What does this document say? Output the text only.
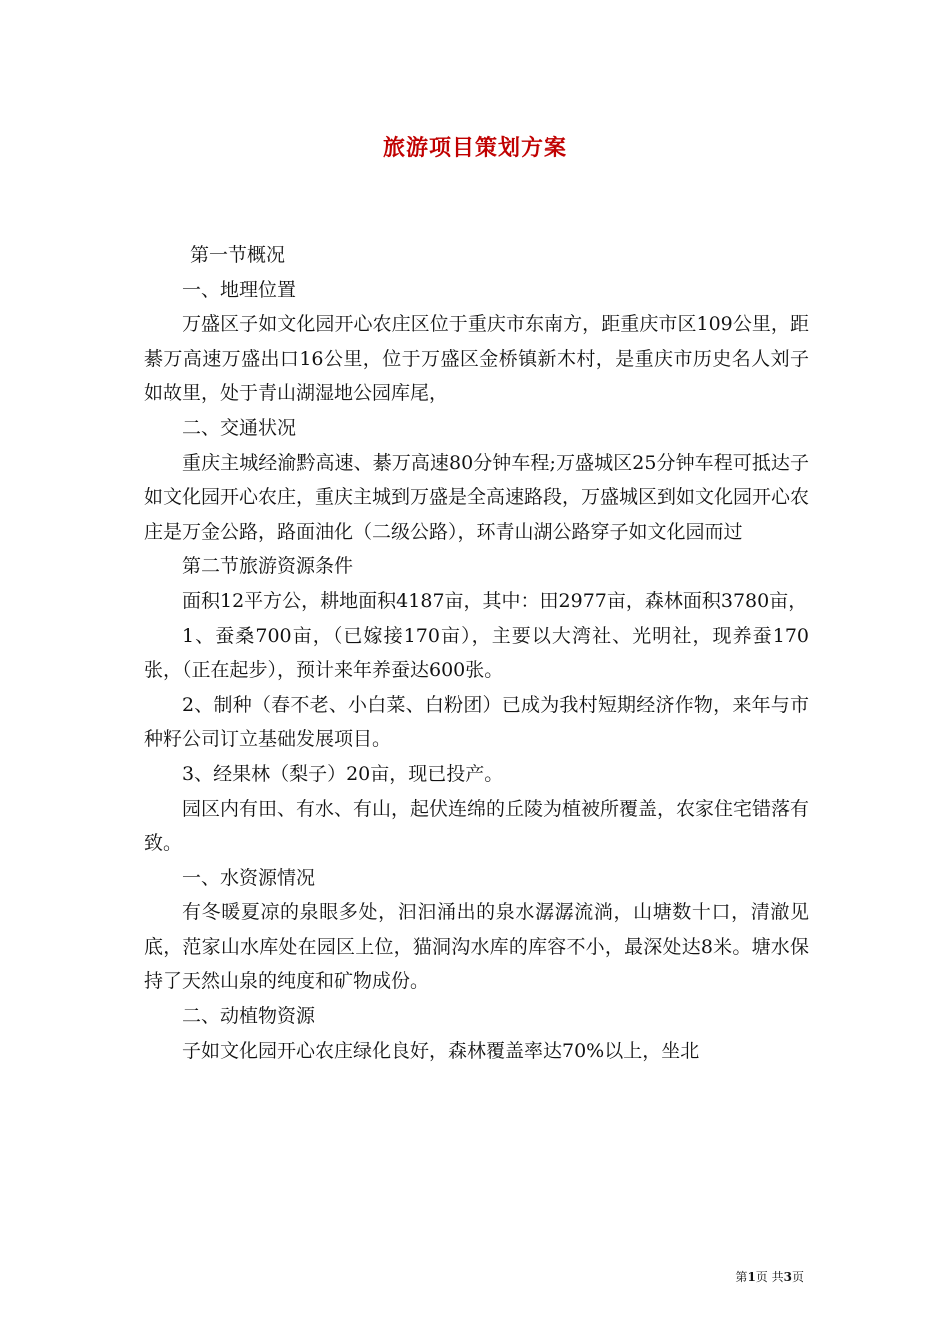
旅游项目策划方案

第一节概况

一、地理位置

万盛区子如文化园开心农庄区位于重庆市东南方，距重庆市区109公里，距綦万高速万盛出口16公里，位于万盛区金桥镇新木村，是重庆市历史名人刘子如故里，处于青山湖湿地公园库尾，

二、交通状况

重庆主城经渝黔高速、綦万高速80分钟车程;万盛城区25分钟车程可抵达子如文化园开心农庄，重庆主城到万盛是全高速路段，万盛城区到如文化园开心农庄是万金公路，路面油化（二级公路），环青山湖公路穿子如文化园而过

第二节旅游资源条件

面积12平方公，耕地面积4187亩，其中：田2977亩，森林面积3780亩，

1、蚕桑700亩，（已嫁接170亩），主要以大湾社、光明社，现养蚕170张，（正在起步），预计来年养蚕达600张。

2、制种（春不老、小白菜、白粉团）已成为我村短期经济作物，来年与市种籽公司订立基础发展项目。

3、经果林（梨子）20亩，现已投产。

园区内有田、有水、有山，起伏连绵的丘陵为植被所覆盖，农家住宅错落有致。

一、水资源情况

有冬暖夏凉的泉眼多处，汩汩涌出的泉水潺潺流淌，山塘数十口，清澈见底，范家山水库处在园区上位，猫洞沟水库的库容不小，最深处达8米。塘水保持了天然山泉的纯度和矿物成份。

二、动植物资源

子如文化园开心农庄绿化良好，森林覆盖率达70%以上，坐北

第1页 共3页
